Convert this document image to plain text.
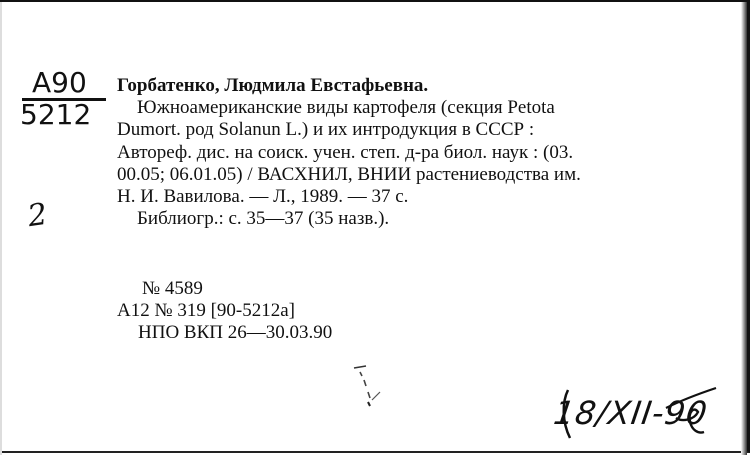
A90
5212
2
Горбатенко, Людмила Евстафьевна.
Южноамериканские виды картофеля (секция Petota
Dumort. род Solanun L.) и их интродукция в СССР :
Автореф. дис. на соиск. учен. степ. д-ра биол. наук : (03.
00.05; 06.01.05) / ВАСХНИЛ, ВНИИ растениеводства им.
Н. И. Вавилова. — Л., 1989. — 37 с.
Библиогр.: с. 35—37 (35 назв.).
№ 4589
А12 № 319 [90-5212а]
НПО ВКП 26—30.03.90
18/XII-90
